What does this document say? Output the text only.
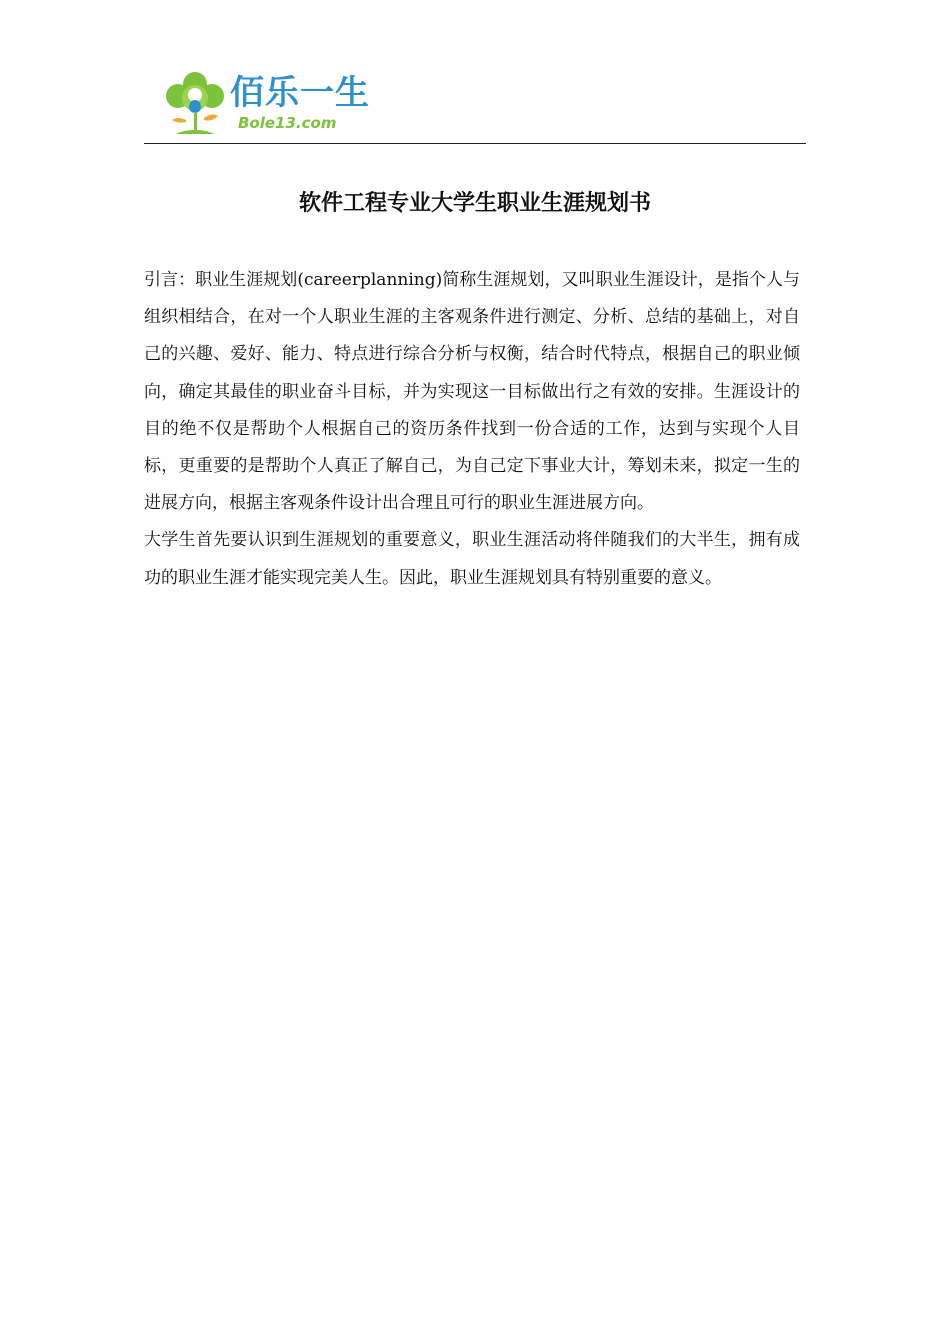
佰乐一生
Bole13.com
软件工程专业大学生职业生涯规划书

引言：职业生涯规划(careerplanning)简称生涯规划，又叫职业生涯设计，是指个人与组织相结合，在对一个人职业生涯的主客观条件进行测定、分析、总结的基础上，对自己的兴趣、爱好、能力、特点进行综合分析与权衡，结合时代特点，根据自己的职业倾向，确定其最佳的职业奋斗目标，并为实现这一目标做出行之有效的安排。生涯设计的目的绝不仅是帮助个人根据自己的资历条件找到一份合适的工作，达到与实现个人目标，更重要的是帮助个人真正了解自己，为自己定下事业大计，筹划未来，拟定一生的进展方向，根据主客观条件设计出合理且可行的职业生涯进展方向。

大学生首先要认识到生涯规划的重要意义，职业生涯活动将伴随我们的大半生，拥有成功的职业生涯才能实现完美人生。因此，职业生涯规划具有特别重要的意义。
